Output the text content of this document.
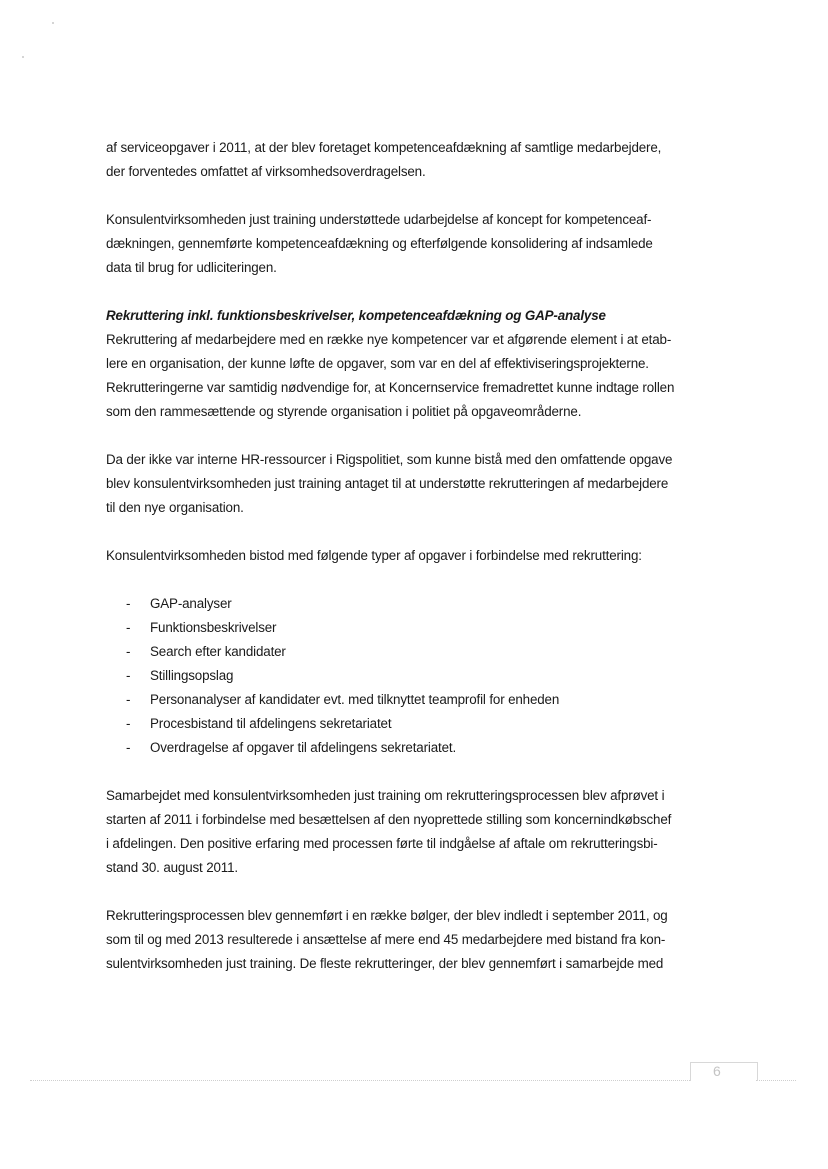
af serviceopgaver i 2011, at der blev foretaget kompetenceafdækning af samtlige medarbejdere,
der forventedes omfattet af virksomhedsoverdragelsen.

Konsulentvirksomheden just training understøttede udarbejdelse af koncept for kompetenceaf-
dækningen, gennemførte kompetenceafdækning og efterfølgende konsolidering af indsamlede
data til brug for udliciteringen.

Rekruttering inkl. funktionsbeskrivelser, kompetenceafdækning og GAP-analyse
Rekruttering af medarbejdere med en række nye kompetencer var et afgørende element i at etab-
lere en organisation, der kunne løfte de opgaver, som var en del af effektiviseringsprojekterne.
Rekrutteringerne var samtidig nødvendige for, at Koncernservice fremadrettet kunne indtage rollen
som den rammesættende og styrende organisation i politiet på opgaveområderne.

Da der ikke var interne HR-ressourcer i Rigspolitiet, som kunne bistå med den omfattende opgave
blev konsulentvirksomheden just training antaget til at understøtte rekrutteringen af medarbejdere
til den nye organisation.

Konsulentvirksomheden bistod med følgende typer af opgaver i forbindelse med rekruttering:

- GAP-analyser
- Funktionsbeskrivelser
- Search efter kandidater
- Stillingsopslag
- Personanalyser af kandidater evt. med tilknyttet teamprofil for enheden
- Procesbistand til afdelingens sekretariatet
- Overdragelse af opgaver til afdelingens sekretariatet.

Samarbejdet med konsulentvirksomheden just training om rekrutteringsprocessen blev afprøvet i
starten af 2011 i forbindelse med besættelsen af den nyoprettede stilling som koncernindkøbschef
i afdelingen. Den positive erfaring med processen førte til indgåelse af aftale om rekrutteringsbi-
stand 30. august 2011.

Rekrutteringsprocessen blev gennemført i en række bølger, der blev indledt i september 2011, og
som til og med 2013 resulterede i ansættelse af mere end 45 medarbejdere med bistand fra kon-
sulentvirksomheden just training. De fleste rekrutteringer, der blev gennemført i samarbejde med

6
